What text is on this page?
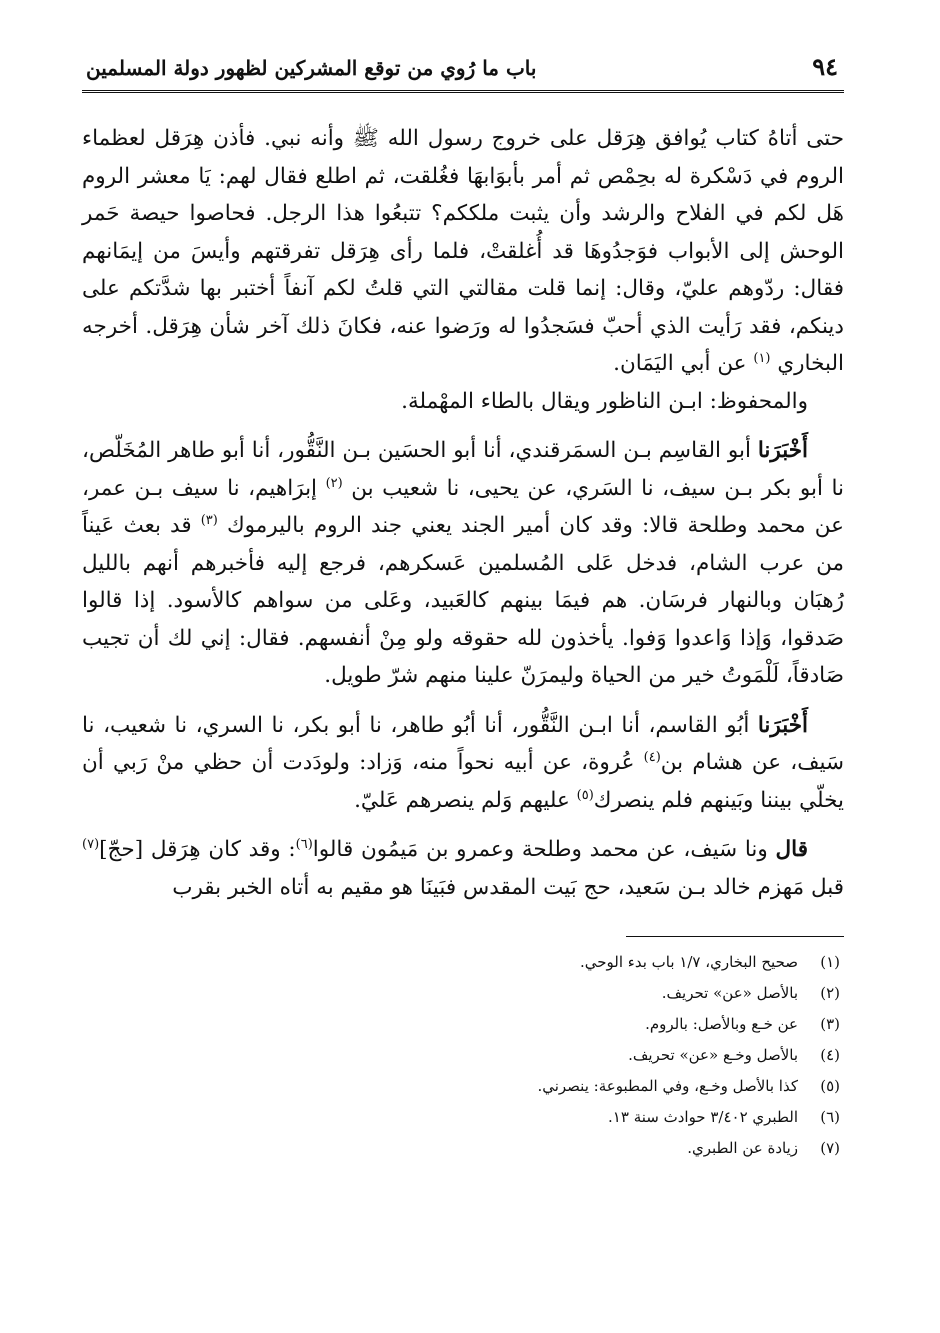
٩٤
باب ما رُوي من توقع المشركين لظهور دولة المسلمين

حتى أتاهُ كتاب يُوافق هِرَقل على خروج رسول الله ﷺ وأنه نبي. فأذن هِرَقل لعظماء الروم في دَسْكرة له بحِمْص ثم أمر بأبوَابهَا فغُلقت، ثم اطلع فقال لهم: يَا معشر الروم هَل لكم في الفلاح والرشد وأن يثبت ملككم؟ تتبعُوا هذا الرجل. فحاصوا حيصة حَمر الوحش إلى الأبواب فوَجدُوهَا قد أُغلقتْ، فلما رأى هِرَقل تفرقتهم وأيسَ من إيمَانهم فقال: ردّوهم عليّ، وقال: إنما قلت مقالتي التي قلتُ لكم آنفاً أختبر بها شدَّتكم على دينكم، فقد رَأيت الذي أحبّ فسَجدُوا له ورَضوا عنه، فكانَ ذلك آخر شأن هِرَقل. أخرجه البخاري $^{(١)}$ عن أبي اليَمَان.

والمحفوظ: ابـن الناظور ويقال بالطاء المهْملة.

أَخْبَرَنا أبو القاسِم بـن السمَرقندي، أنا أبو الحسَين بـن النَّقُّور، أنا أبو طاهر المُخَلّص، نا أبو بكر بـن سيف، نا السَري، عن يحيى، نا شعيب بن $^{(٢)}$ إبرَاهيم، نا سيف بـن عمر، عن محمد وطلحة قالا: وقد كان أمير الجند يعني جند الروم باليرموك $^{(٣)}$ قد بعث عَيناً من عرب الشام، فدخل عَلى المُسلمين عَسكرهم، فرجع إليه فأخبرهم أنهم بالليل رُهبَان وبالنهار فرسَان. هم فيمَا بينهم كالعَبيد، وعَلى من سواهم كالأسود. إذا قالوا صَدقوا، وَإذا وَاعدوا وَفوا. يأخذون لله حقوقه ولو مِنْ أنفسهم. فقال: إني لك أن تجيب صَادقاً، لَلْمَوتُ خير من الحياة وليمرَنّ علينا منهم شرّ طويل.

أَخْبَرَنا أبُو القاسم، أنا ابـن النَّقُّور، أنا أبُو طاهر، نا أبو بكر، نا السري، نا شعيب، نا سَيف، عن هشام بن$^{(٤)}$ عُروة، عن أبيه نحواً منه، وَزاد: ولودَدت أن حظي منْ رَبي أن يخلّي بيننا وبَينهم فلم ينصرك$^{(٥)}$ عليهم وَلم ينصرهم عَليّ.

قال ونا سَيف، عن محمد وطلحة وعمرو بن مَيمُون قالوا$^{(٦)}$: وقد كان هِرَقل [حجّ]$^{(٧)}$ قبل مَهزم خالد بـن سَعيد، حج بَيت المقدس فبَينَا هو مقيم به أتاه الخبر بقرب

(١)
صحيح البخاري، ١/٧ باب بدء الوحي.
(٢)
بالأصل «عن» تحريف.
(٣)
عن خـع وبالأصل: بالروم.
(٤)
بالأصل وخـع «عن» تحريف.
(٥)
كذا بالأصل وخـع، وفي المطبوعة: ينصرني.
(٦)
الطبري ٣/٤٠٢ حوادث سنة ١٣.
(٧)
زيادة عن الطبري.
